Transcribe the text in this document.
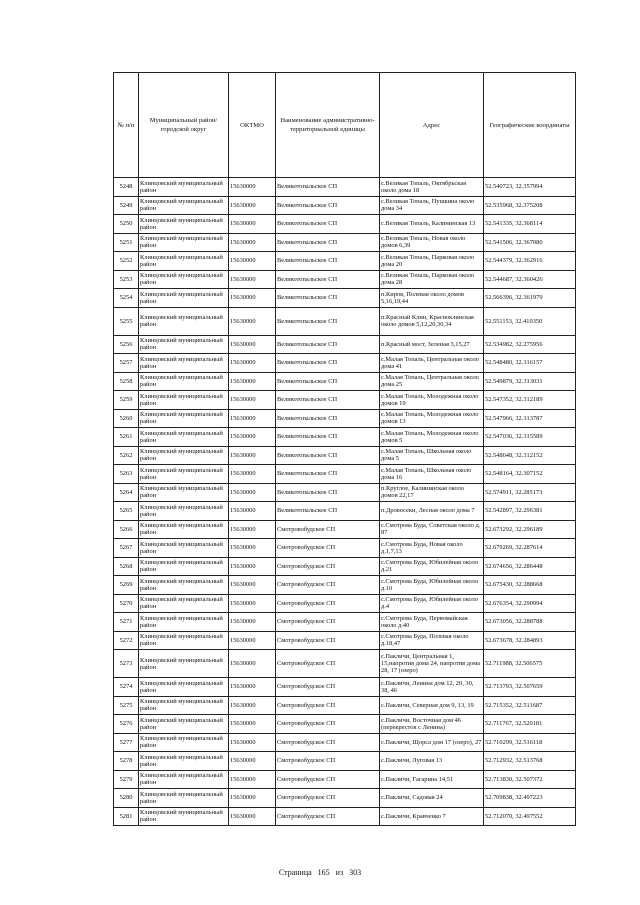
№ п/п	Муниципальный район/городской округ	ОКТМО	Наименование административно-территориальной единицы	Адрес	Географические координаты
5248	Клинцовский муниципальный район	15630000	Великотопальское СП	с.Великая Топаль, Октябрьская около дома 18	52.540723, 32.357994
5249	Клинцовский муниципальный район	15630000	Великотопальское СП	с.Великая Топаль, Пушкина около дома 34	52.535968, 32.375208
5250	Клинцовский муниципальный район	15630000	Великотопальское СП	с.Великая Топаль, Калининская 13	52.541335, 32.368114
5251	Клинцовский муниципальный район	15630000	Великотопальское СП	с.Великая Топаль, Новая около домов 6,39	52.541506, 32.367080
5252	Клинцовский муниципальный район	15630000	Великотопальское СП	с.Великая Топаль, Парковая около дома 20	52.544379, 32.362916
5253	Клинцовский муниципальный район	15630000	Великотопальское СП	с.Великая Топаль, Парковая около дома 28	52.544687, 32.360426
5254	Клинцовский муниципальный район	15630000	Великотопальское СП	п.Киров, Полевая около домов 5,16,19,44	52.566396, 32.361979
5255	Клинцовский муниципальный район	15630000	Великотопальское СП	п.Красный Клин, Красноклинская около домов 5,12,20,30,34	52.551153, 32.410350
5256	Клинцовский муниципальный район	15630000	Великотопальское СП	п.Красный мост, Зеленая 3,15,27	52.534982, 32.275956
5257	Клинцовский муниципальный район	15630000	Великотопальское СП	с.Малая Топаль, Центральная около дома 41	52.548480, 32.316157
5258	Клинцовский муниципальный район	15630000	Великотопальское СП	с.Малая Топаль, Центральная около дома 25	52.549879, 32.313031
5259	Клинцовский муниципальный район	15630000	Великотопальское СП	с.Малая Топаль, Молодежная около домов 19	52.547352, 32.312189
5260	Клинцовский муниципальный район	15630000	Великотопальское СП	с.Малая Топаль, Молодежная около домов 13	52.547966, 32.313787
5261	Клинцовский муниципальный район	15630000	Великотопальское СП	с.Малая Топаль, Молодежная около домов 5	52.547036, 32.315589
5262	Клинцовский муниципальный район	15630000	Великотопальское СП	с.Малая Топаль, Школьная около дома 5	52.548648, 32.312152
5263	Клинцовский муниципальный район	15630000	Великотопальское СП	с.Малая Топаль, Школьная около дома 16	52.548164, 32.307152
5264	Клинцовский муниципальный район	15630000	Великотопальское СП	п.Круглое, Калининская около домов 22,17	52.574911, 32.285173
5265	Клинцовский муниципальный район	15630000	Великотопальское СП	п.Дровосеки, Лесная около дома 7	52.542897, 32.296381
5266	Клинцовский муниципальный район	15630000	Смотровобудское СП	с.Смотрова Буда, Советская около д. 87	52.673292, 32.296189
5267	Клинцовский муниципальный район	15630000	Смотровобудское СП	с.Смотрова Буда, Новая около д.1,7,13	52.679269, 32.287614
5268	Клинцовский муниципальный район	15630000	Смотровобудское СП	с.Смотрова Буда, Юбилейная около д.21	52.674656, 32.286448
5269	Клинцовский муниципальный район	15630000	Смотровобудское СП	с.Смотрова Буда, Юбилейная около д.10	52.675430, 32.288668
5270	Клинцовский муниципальный район	15630000	Смотровобудское СП	с.Смотрова Буда, Юбилейная около д.4	52.676354, 32.290994
5271	Клинцовский муниципальный район	15630000	Смотровобудское СП	с.Смотрова Буда, Первомайская около д.40	52.673056, 32.288788
5272	Клинцовский муниципальный район	15630000	Смотровобудское СП	с.Смотрова Буда, Полевая около д.18,47	52.673678, 32.284893
5273	Клинцовский муниципальный район	15630000	Смотровобудское СП	с.Пакличи, Центральная 1, 15,напротив дома 24, напротив дома 28, 17 (озеро)	52.711988, 32.506575
5274	Клинцовский муниципальный район	15630000	Смотровобудское СП	с.Пакличи, Ленина дом 12, 20, 30, 38, 46	52.713793, 32.507659
5275	Клинцовский муниципальный район	15630000	Смотровобудское СП	с.Пакличи, Северная дом 9, 13, 19	52.715352, 32.511687
5276	Клинцовский муниципальный район	15630000	Смотровобудское СП	с.Пакличи, Восточная дом 46 (перекресток с Ленина)	52.711767, 32.520181
5277	Клинцовский муниципальный район	15630000	Смотровобудское СП	с.Пакличи, Щорса дом 17 (озеро), 27	52.710299, 32.516118
5278	Клинцовский муниципальный район	15630000	Смотровобудское СП	с.Пакличи, Луговая 13	52.712932, 32.513768
5279	Клинцовский муниципальный район	15630000	Смотровобудское СП	с.Пакличи, Гагарина 14,51	52.713830, 32.507372
5280	Клинцовский муниципальный район	15630000	Смотровобудское СП	с.Пакличи, Садовая 24	52.709838, 32.497223
5281	Клинцовский муниципальный район	15630000	Смотровобудское СП	с.Пакличи, Кравченко 7	52.712070, 32.497552
Страница 165 из 303
